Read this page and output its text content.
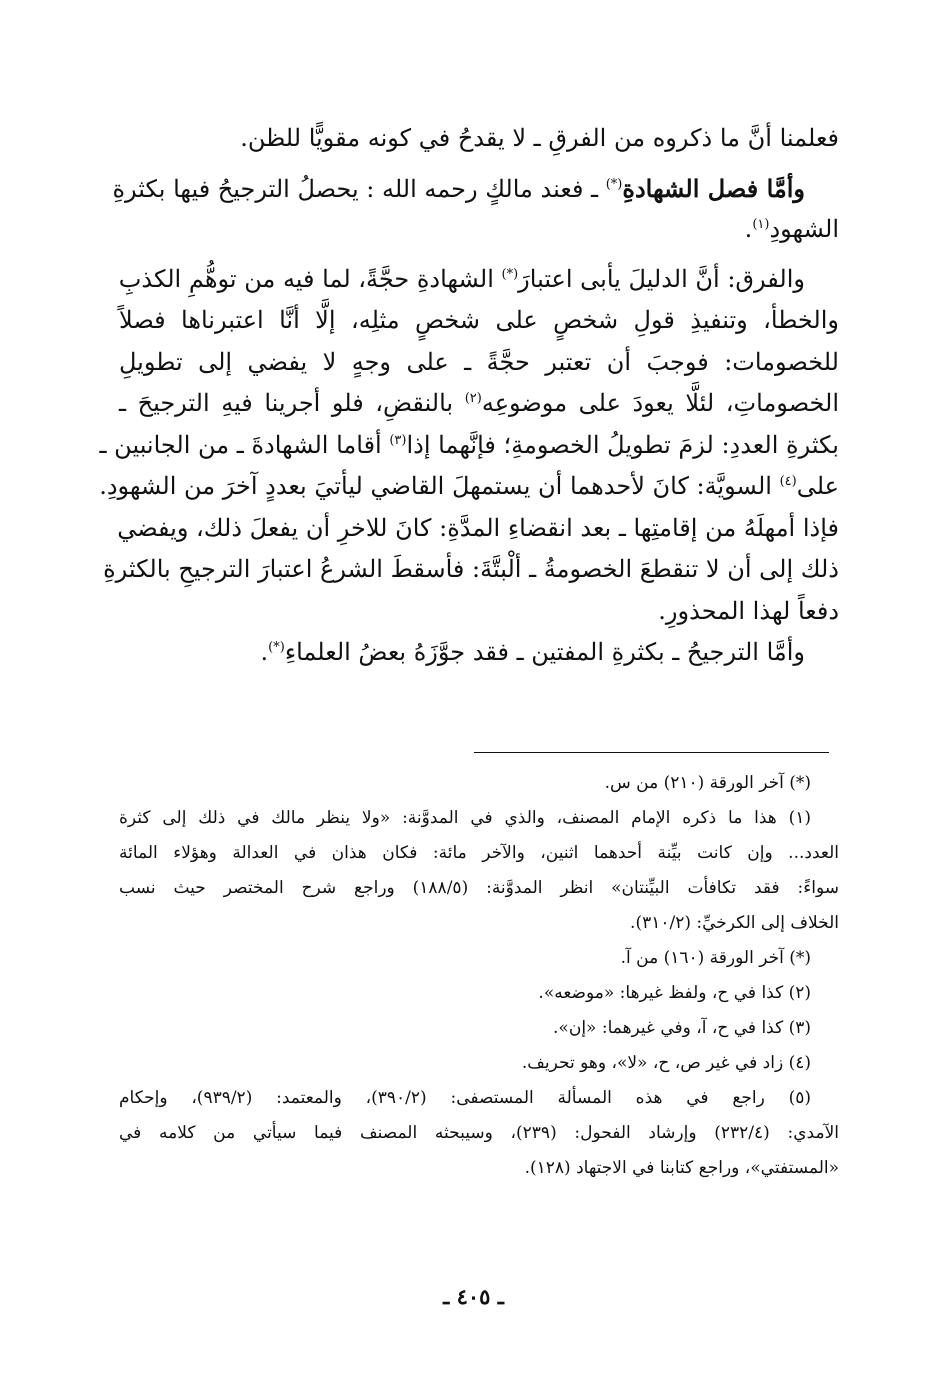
فعلمنا أنَّ ما ذكروه من الفرقِ ـ لا يقدحُ في كونه مقويًّا للظن.
وأمَّا فصل الشهادةِ(*) ـ فعند مالكٍ رحمه الله : يحصلُ الترجيحُ فيها بكثرةِ
الشهودِ$^{(١)}$.
والفرق: أنَّ الدليلَ يأبى اعتبارَ(*) الشهادةِ حجَّةً، لما فيه من توهُّمِ الكذبِ
والخطأ، وتنفيذِ قولِ شخصٍ على شخصٍ مثلِه، إلَّا أنَّا اعتبرناها فصلاً
للخصومات: فوجبَ أن تعتبر حجَّةً ـ على وجهٍ لا يفضي إلى تطويلِ
الخصوماتِ، لئلَّا يعودَ على موضوعِه$^{(٢)}$ بالنقضِ، فلو أجرينا فيهِ الترجيحَ ـ
بكثرةِ العددِ: لزمَ تطويلُ الخصومةِ؛ فإنَّهما إذا$^{(٣)}$ أقاما الشهادةَ ـ من الجانبين ـ
على$^{(٤)}$ السويَّة: كانَ لأحدهما أن يستمهلَ القاضي ليأتيَ بعددٍ آخرَ من الشهودِ.
فإذا أمهلَهُ من إقامتِها ـ بعد انقضاءِ المدَّةِ: كانَ للاخرِ أن يفعلَ ذلك، ويفضي
ذلك إلى أن لا تنقطعَ الخصومةُ ـ ألْبتَّةَ: فأسقطَ الشرعُ اعتبارَ الترجيحِ بالكثرةِ
دفعاً لهذا المحذورِ.
وأمَّا الترجيحُ ـ بكثرةِ المفتين ـ فقد جوَّزَهُ بعضُ العلماءِ(*).
(*) آخر الورقة (٢١٠) من س.
(١) هذا ما ذكره الإمام المصنف، والذي في المدوَّنة: «ولا ينظر مالك في ذلك إلى كثرة
العدد... وإن كانت بيِّنة أحدهما اثنين، والآخر مائة: فكان هذان في العدالة وهؤلاء المائة
سواءً: فقد تكافأت البيِّنتان» انظر المدوَّنة: (١٨٨/٥) وراجع شرح المختصر حيث نسب
الخلاف إلى الكرخيِّ: (٣١٠/٢).
(*) آخر الورقة (١٦٠) من آ.
(٢) كذا في ح، ولفظ غيرها: «موضعه».
(٣) كذا في ح، آ، وفي غيرهما: «إن».
(٤) زاد في غير ص، ح، «لا»، وهو تحريف.
(٥) راجع في هذه المسألة المستصفى: (٣٩٠/٢)، والمعتمد: (٩٣٩/٢)، وإحكام
الآمدي: (٢٣٢/٤) وإرشاد الفحول: (٢٣٩)، وسيبحثه المصنف فيما سيأتي من كلامه في
«المستفتي»، وراجع كتابنا في الاجتهاد (١٢٨).
ـ ٤٠٥ ـ
